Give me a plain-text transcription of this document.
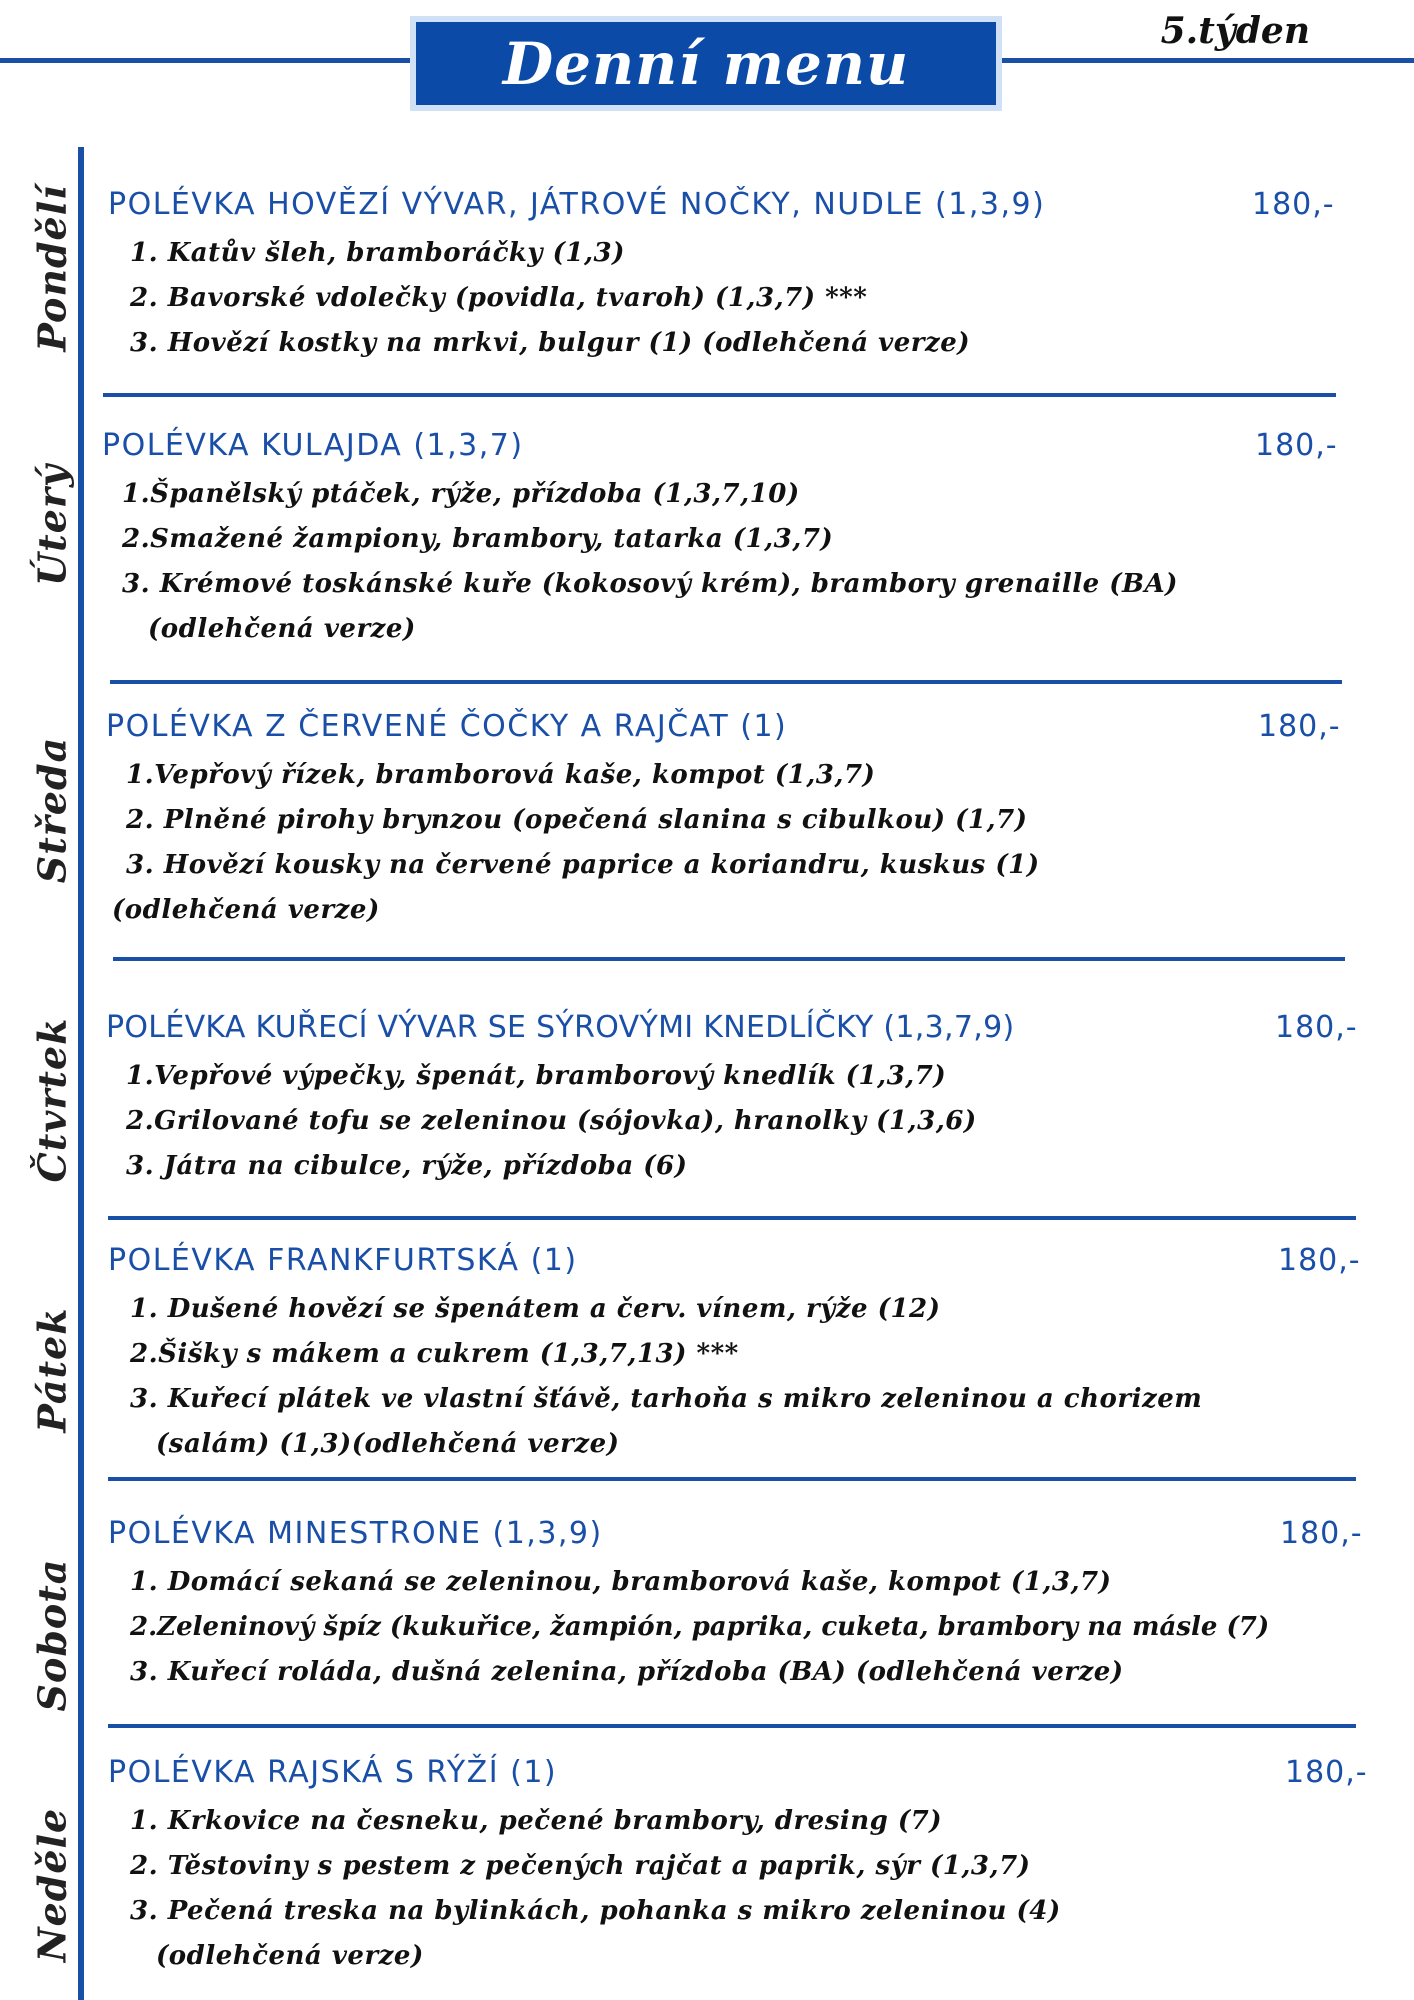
Denní menu	5.týden
Pondělí
Úterý
Středa
Čtvrtek
Pátek
Sobota
Neděle
POLÉVKA HOVĚZÍ VÝVAR, JÁTROVÉ NOČKY, NUDLE (1,3,9)	180,-
1. Katův šleh, bramboráčky (1,3)
2. Bavorské vdolečky (povidla, tvaroh) (1,3,7) ***
3. Hovězí kostky na mrkvi, bulgur (1) (odlehčená verze)
POLÉVKA KULAJDA (1,3,7)	180,-
1.Španělský ptáček, rýže, přízdoba (1,3,7,10)
2.Smažené žampiony, brambory, tatarka (1,3,7)
3. Krémové toskánské kuře (kokosový krém), brambory grenaille (BA)
(odlehčená verze)
POLÉVKA Z ČERVENÉ ČOČKY A RAJČAT (1)	180,-
1.Vepřový řízek, bramborová kaše, kompot (1,3,7)
2. Plněné pirohy brynzou (opečená slanina s cibulkou) (1,7)
3. Hovězí kousky na červené paprice a koriandru, kuskus (1)
(odlehčená verze)
POLÉVKA KUŘECÍ VÝVAR SE SÝROVÝMI KNEDLÍČKY (1,3,7,9)	180,-
1.Vepřové výpečky, špenát, bramborový knedlík (1,3,7)
2.Grilované tofu se zeleninou (sójovka), hranolky (1,3,6)
3. Játra na cibulce, rýže, přízdoba (6)
POLÉVKA FRANKFURTSKÁ (1)	180,-
1. Dušené hovězí se špenátem a červ. vínem, rýže (12)
2.Šišky s mákem a cukrem (1,3,7,13) ***
3. Kuřecí plátek ve vlastní šťávě, tarhoňa s mikro zeleninou a chorizem
(salám) (1,3)(odlehčená verze)
POLÉVKA MINESTRONE (1,3,9)	180,-
1. Domácí sekaná se zeleninou, bramborová kaše, kompot (1,3,7)
2.Zeleninový špíz (kukuřice, žampión, paprika, cuketa, brambory na másle (7)
3. Kuřecí roláda, dušná zelenina, přízdoba (BA) (odlehčená verze)
POLÉVKA RAJSKÁ S RÝŽÍ (1)	180,-
1. Krkovice na česneku, pečené brambory, dresing (7)
2. Těstoviny s pestem z pečených rajčat a paprik, sýr (1,3,7)
3. Pečená treska na bylinkách, pohanka s mikro zeleninou (4)
(odlehčená verze)
